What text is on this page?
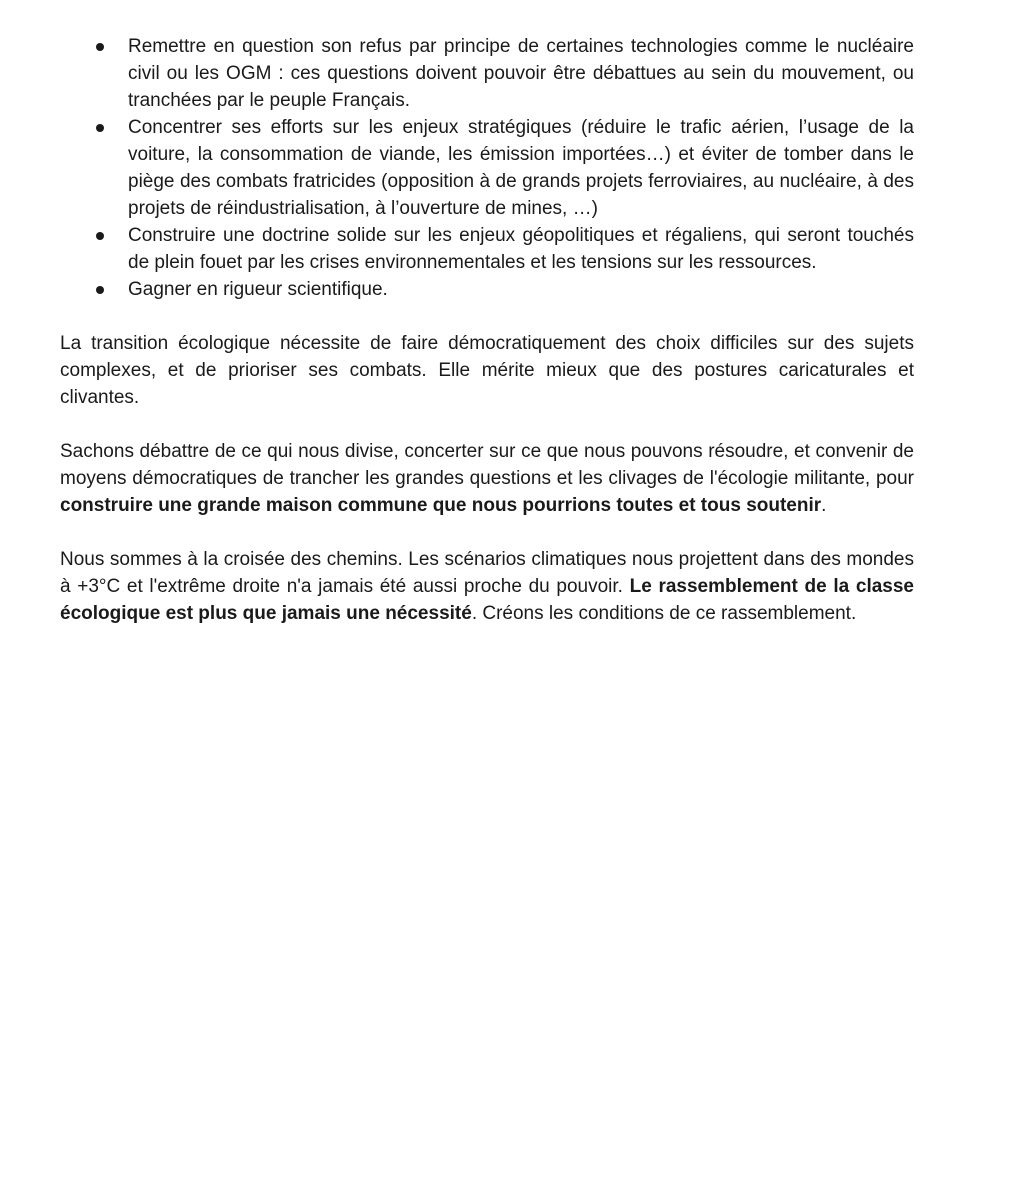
Remettre en question son refus par principe de certaines technologies comme le nucléaire civil ou les OGM : ces questions doivent pouvoir être débattues au sein du mouvement, ou tranchées par le peuple Français.
Concentrer ses efforts sur les enjeux stratégiques (réduire le trafic aérien, l’usage de la voiture, la consommation de viande, les émission importées…) et éviter de tomber dans le piège des combats fratricides (opposition à de grands projets ferroviaires, au nucléaire, à des projets de réindustrialisation, à l’ouverture de mines, …)
Construire une doctrine solide sur les enjeux géopolitiques et régaliens, qui seront touchés de plein fouet par les crises environnementales et les tensions sur les ressources.
Gagner en rigueur scientifique.

La transition écologique nécessite de faire démocratiquement des choix difficiles sur des sujets complexes, et de prioriser ses combats. Elle mérite mieux que des postures caricaturales et clivantes.

Sachons débattre de ce qui nous divise, concerter sur ce que nous pouvons résoudre, et convenir de moyens démocratiques de trancher les grandes questions et les clivages de l'écologie militante, pour construire une grande maison commune que nous pourrions toutes et tous soutenir.

Nous sommes à la croisée des chemins. Les scénarios climatiques nous projettent dans des mondes à +3°C et l'extrême droite n'a jamais été aussi proche du pouvoir. Le rassemblement de la classe écologique est plus que jamais une nécessité. Créons les conditions de ce rassemblement.
